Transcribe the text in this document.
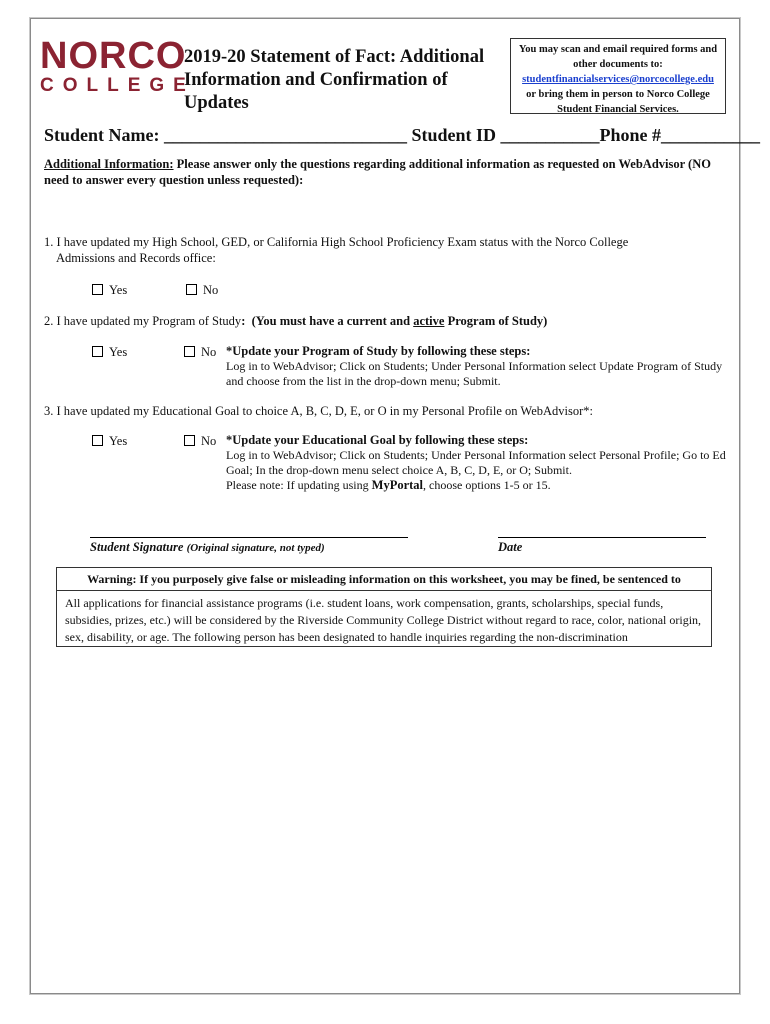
NORCO
COLLEGE
2019-20 Statement of Fact: Additional Information and Confirmation of Updates
You may scan and email required forms and other documents to:
studentfinancialservices@norcocollege.edu
or bring them in person to Norco College Student Financial Services.
Student Name: ___________________________ Student ID ___________Phone #___________
Additional Information: Please answer only the questions regarding additional information as requested on WebAdvisor (NO need to answer every question unless requested):
1. I have updated my High School, GED, or California High School Proficiency Exam status with the Norco College
Admissions and Records office:
Yes	No
2. I have updated my Program of Study: (You must have a current and active Program of Study)
Yes	No *Update your Program of Study by following these steps:
Log in to WebAdvisor; Click on Students; Under Personal Information select Update Program of Study and choose from the list in the drop-down menu; Submit.
3. I have updated my Educational Goal to choice A, B, C, D, E, or O in my Personal Profile on WebAdvisor*:
Yes	No *Update your Educational Goal by following these steps:
Log in to WebAdvisor; Click on Students; Under Personal Information select Personal Profile; Go to Ed Goal; In the drop-down menu select choice A, B, C, D, E, or O; Submit.
Please note: If updating using MyPortal, choose options 1-5 or 15.
Student Signature (Original signature, not typed)	Date
Warning: If you purposely give false or misleading information on this worksheet, you may be fined, be sentenced to
All applications for financial assistance programs (i.e. student loans, work compensation, grants, scholarships, special funds, subsidies, prizes, etc.) will be considered by the Riverside Community College District without regard to race, color, national origin, sex, disability, or age. The following person has been designated to handle inquiries regarding the non-discrimination
